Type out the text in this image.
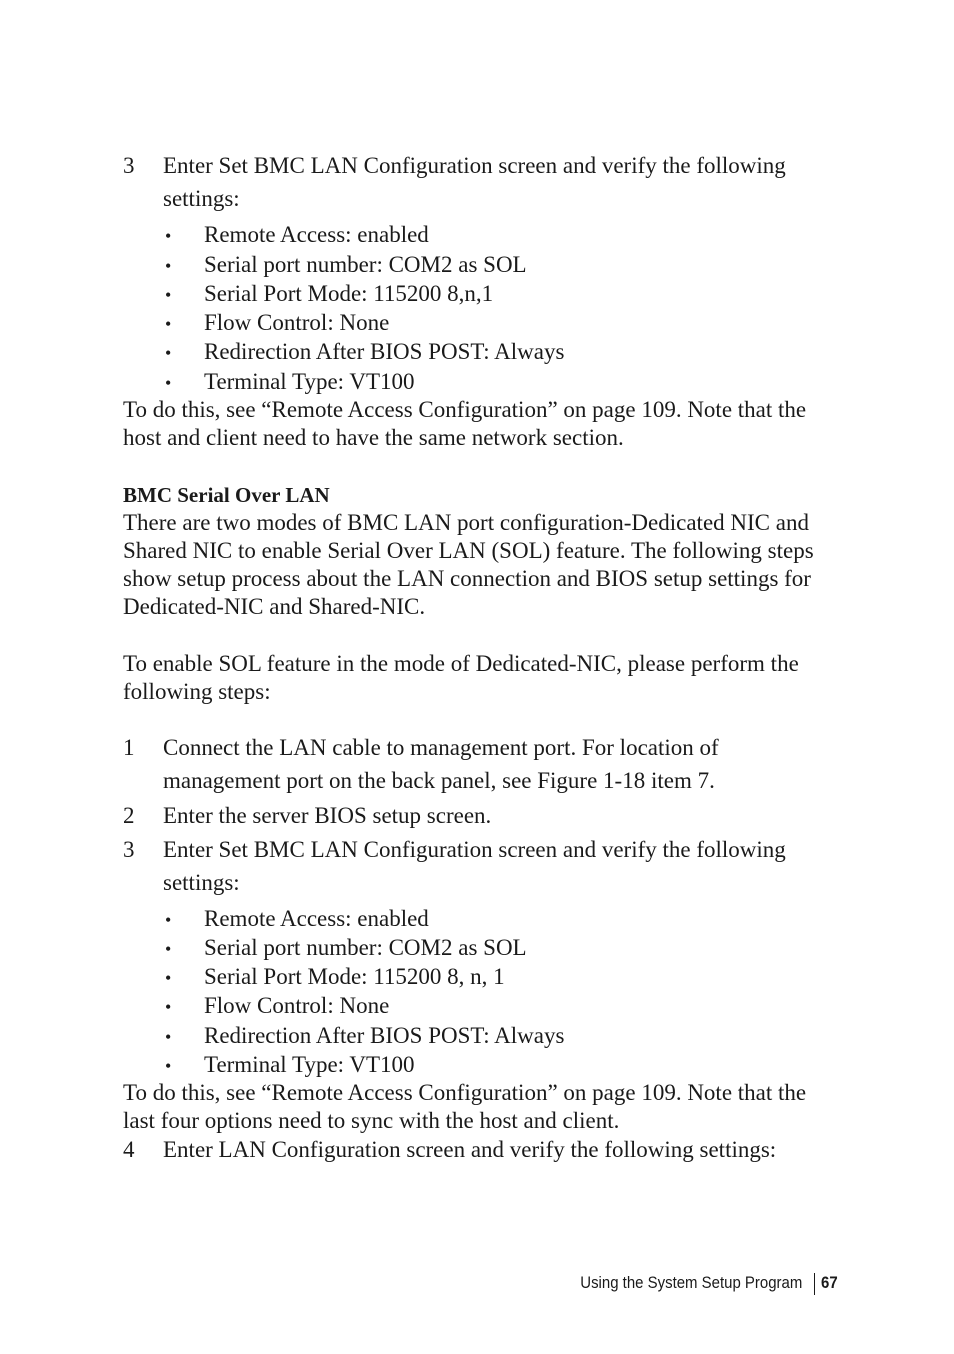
3 Enter Set BMC LAN Configuration screen and verify the following
settings:
• Remote Access: enabled
• Serial port number: COM2 as SOL
• Serial Port Mode: 115200 8,n,1
• Flow Control: None
• Redirection After BIOS POST: Always
• Terminal Type: VT100
To do this, see “Remote Access Configuration” on page 109. Note that the
host and client need to have the same network section.
BMC Serial Over LAN
There are two modes of BMC LAN port configuration-Dedicated NIC and
Shared NIC to enable Serial Over LAN (SOL) feature. The following steps
show setup process about the LAN connection and BIOS setup settings for
Dedicated-NIC and Shared-NIC.
To enable SOL feature in the mode of Dedicated-NIC, please perform the
following steps:
1 Connect the LAN cable to management port. For location of
management port on the back panel, see Figure 1-18 item 7.
2 Enter the server BIOS setup screen.
3 Enter Set BMC LAN Configuration screen and verify the following
settings:
• Remote Access: enabled
• Serial port number: COM2 as SOL
• Serial Port Mode: 115200 8, n, 1
• Flow Control: None
• Redirection After BIOS POST: Always
• Terminal Type: VT100
To do this, see “Remote Access Configuration” on page 109. Note that the
last four options need to sync with the host and client.
4 Enter LAN Configuration screen and verify the following settings:
Using the System Setup Program 67
